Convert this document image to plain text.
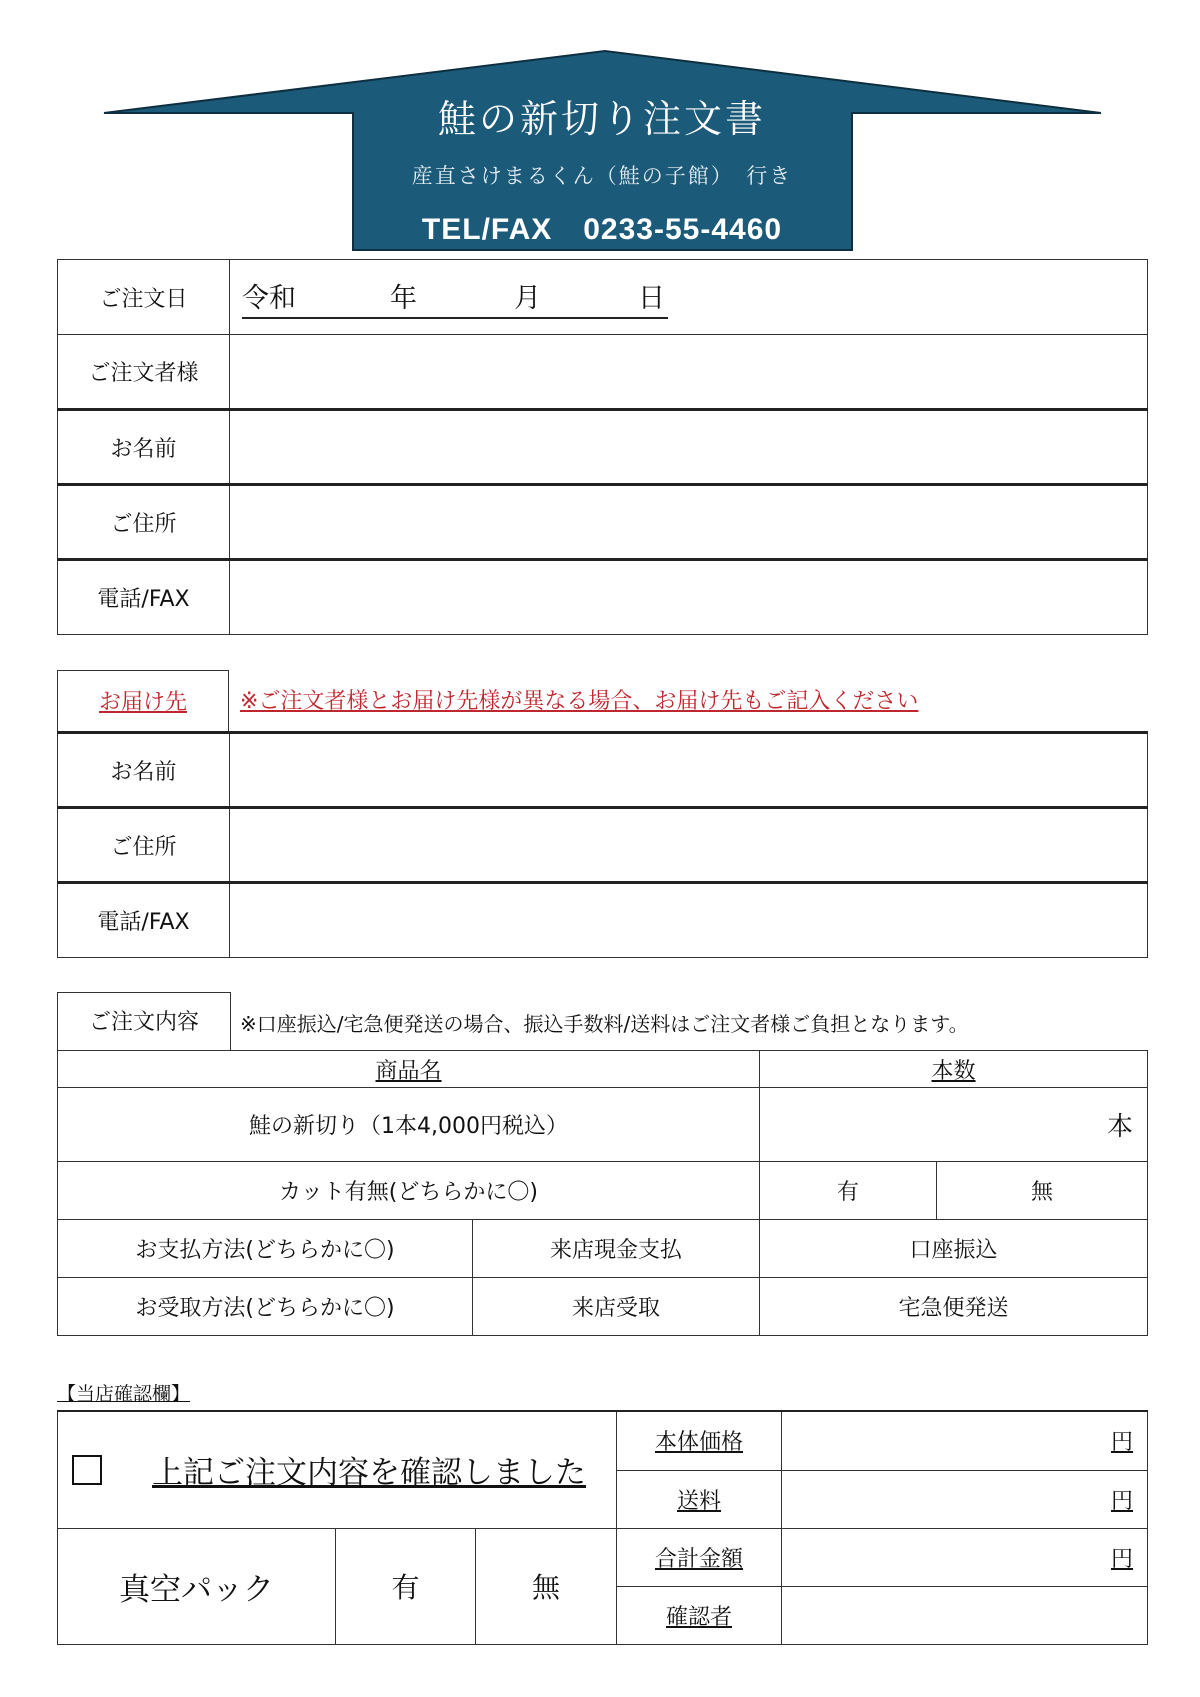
鮭の新切り注文書
産直さけまるくん（鮭の子館）　行き
TEL/FAX　0233-55-4460
ご注文日	令和 年 月 日
ご注文者様	
お名前	
ご住所	
電話/FAX	
お届け先	※ご注文者様とお届け先様が異なる場合、お届け先もご記入ください
お名前	
ご住所	
電話/FAX	
ご注文内容	※口座振込/宅急便発送の場合、振込手数料/送料はご注文者様ご負担となります。
商品名		本数	
鮭の新切り（1本4,000円税込）		本	
カット有無(どちらかに〇)		有	無
お支払方法(どちらかに〇)	来店現金支払	口座振込	
お受取方法(どちらかに〇)	来店受取	宅急便発送	
【当店確認欄】
上記ご注文内容を確認しました			本体価格	円
			送料	円
真空パック	有	無	合計金額	円
			確認者	
